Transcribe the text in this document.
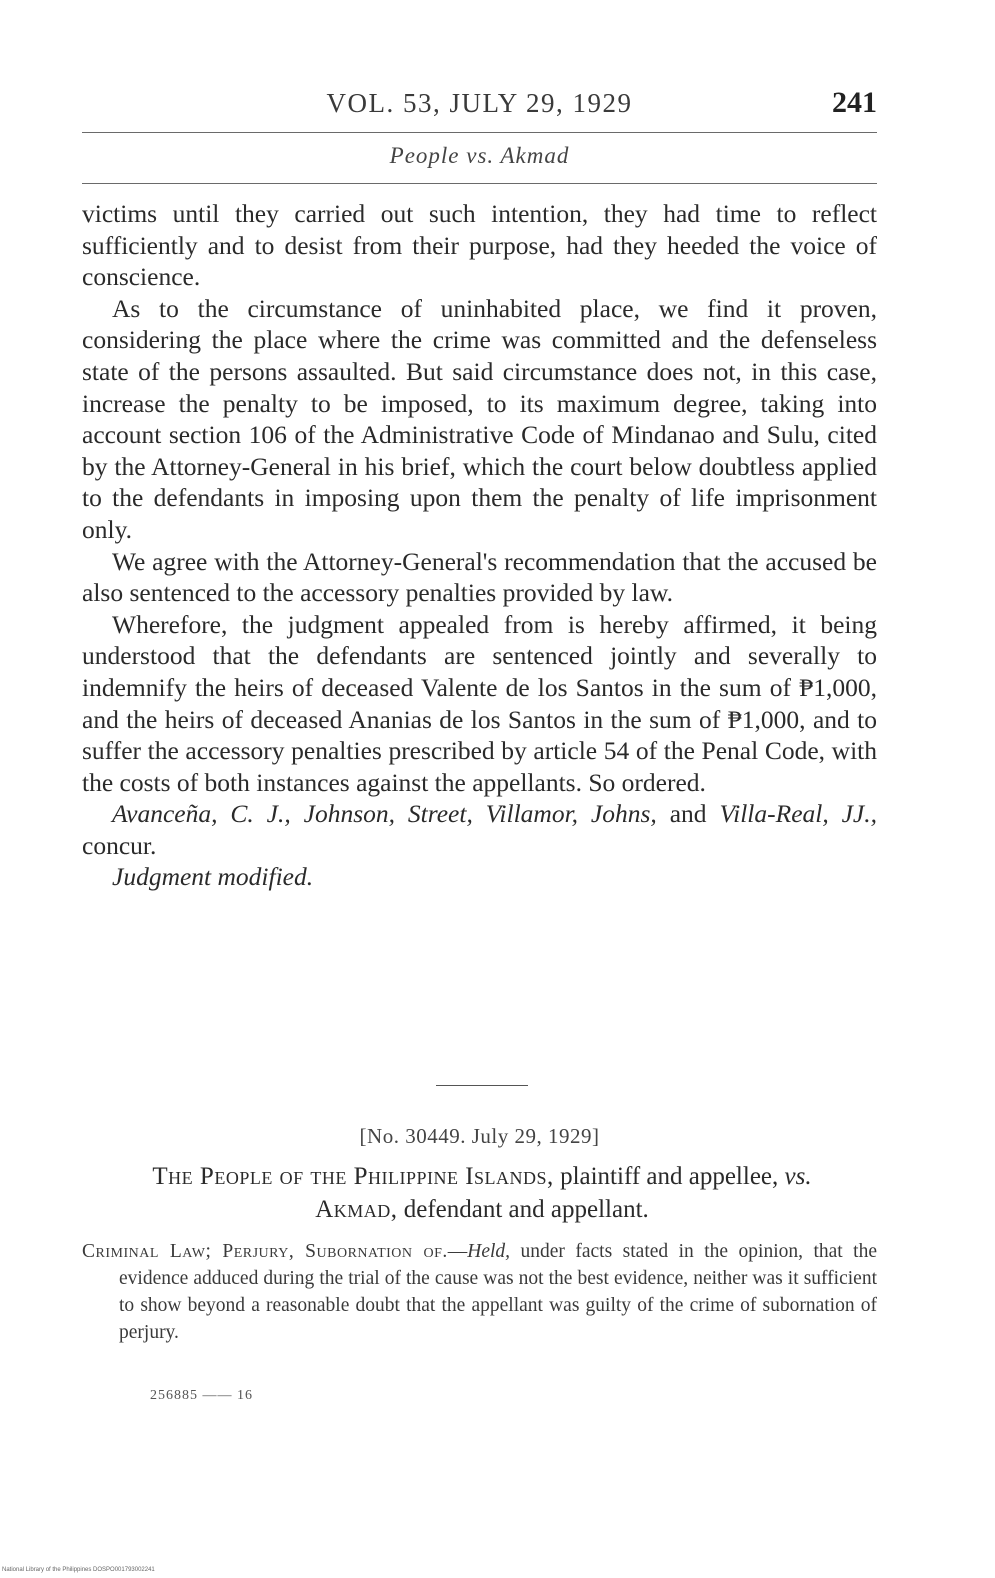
VOL. 53, JULY 29, 1929	241
People vs. Akmad

victims until they carried out such intention, they had time to reflect sufficiently and to desist from their purpose, had they heeded the voice of conscience.

As to the circumstance of uninhabited place, we find it proven, considering the place where the crime was committed and the defenseless state of the persons assaulted. But said circumstance does not, in this case, increase the penalty to be imposed, to its maximum degree, taking into account section 106 of the Administrative Code of Mindanao and Sulu, cited by the Attorney-General in his brief, which the court below doubtless applied to the defendants in imposing upon them the penalty of life imprisonment only.

We agree with the Attorney-General's recommendation that the accused be also sentenced to the accessory penalties provided by law.

Wherefore, the judgment appealed from is hereby affirmed, it being understood that the defendants are sentenced jointly and severally to indemnify the heirs of deceased Valente de los Santos in the sum of ₱1,000, and the heirs of deceased Ananias de los Santos in the sum of ₱1,000, and to suffer the accessory penalties prescribed by article 54 of the Penal Code, with the costs of both instances against the appellants. So ordered.

Avanceña, C. J., Johnson, Street, Villamor, Johns, and Villa-Real, JJ., concur.

Judgment modified.

[No. 30449. July 29, 1929]
The People of the Philippine Islands, plaintiff and appellee, vs. Akmad, defendant and appellant.
Criminal Law; Perjury, Subornation of.—Held, under facts stated in the opinion, that the evidence adduced during the trial of the cause was not the best evidence, neither was it sufficient to show beyond a reasonable doubt that the appellant was guilty of the crime of subornation of perjury.
256885 —— 16
National Library of the Philippines DOSPO001793002241
